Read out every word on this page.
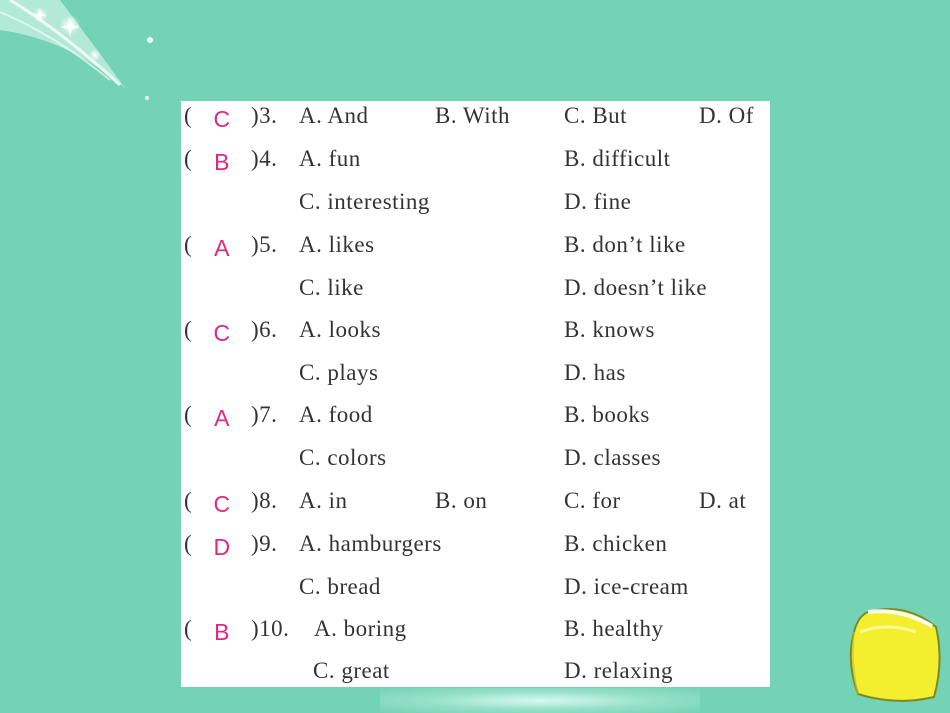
( C )3. A. And	B. With C. But	D. Of
( B )4. A. fun	B. difficult
C. interesting	D. fine
( A )5. A. likes	B. don’t like
C. like	D. doesn’t like
( C )6. A. looks	B. knows
C. plays	D. has
( A )7. A. food	B. books
C. colors	D. classes
( C )8. A. in	B. on	C. for	D. at
( D )9. A. hamburgers	B. chicken
C. bread	D. ice-cream
( B )10. A. boring	B. healthy
C. great	D. relaxing
